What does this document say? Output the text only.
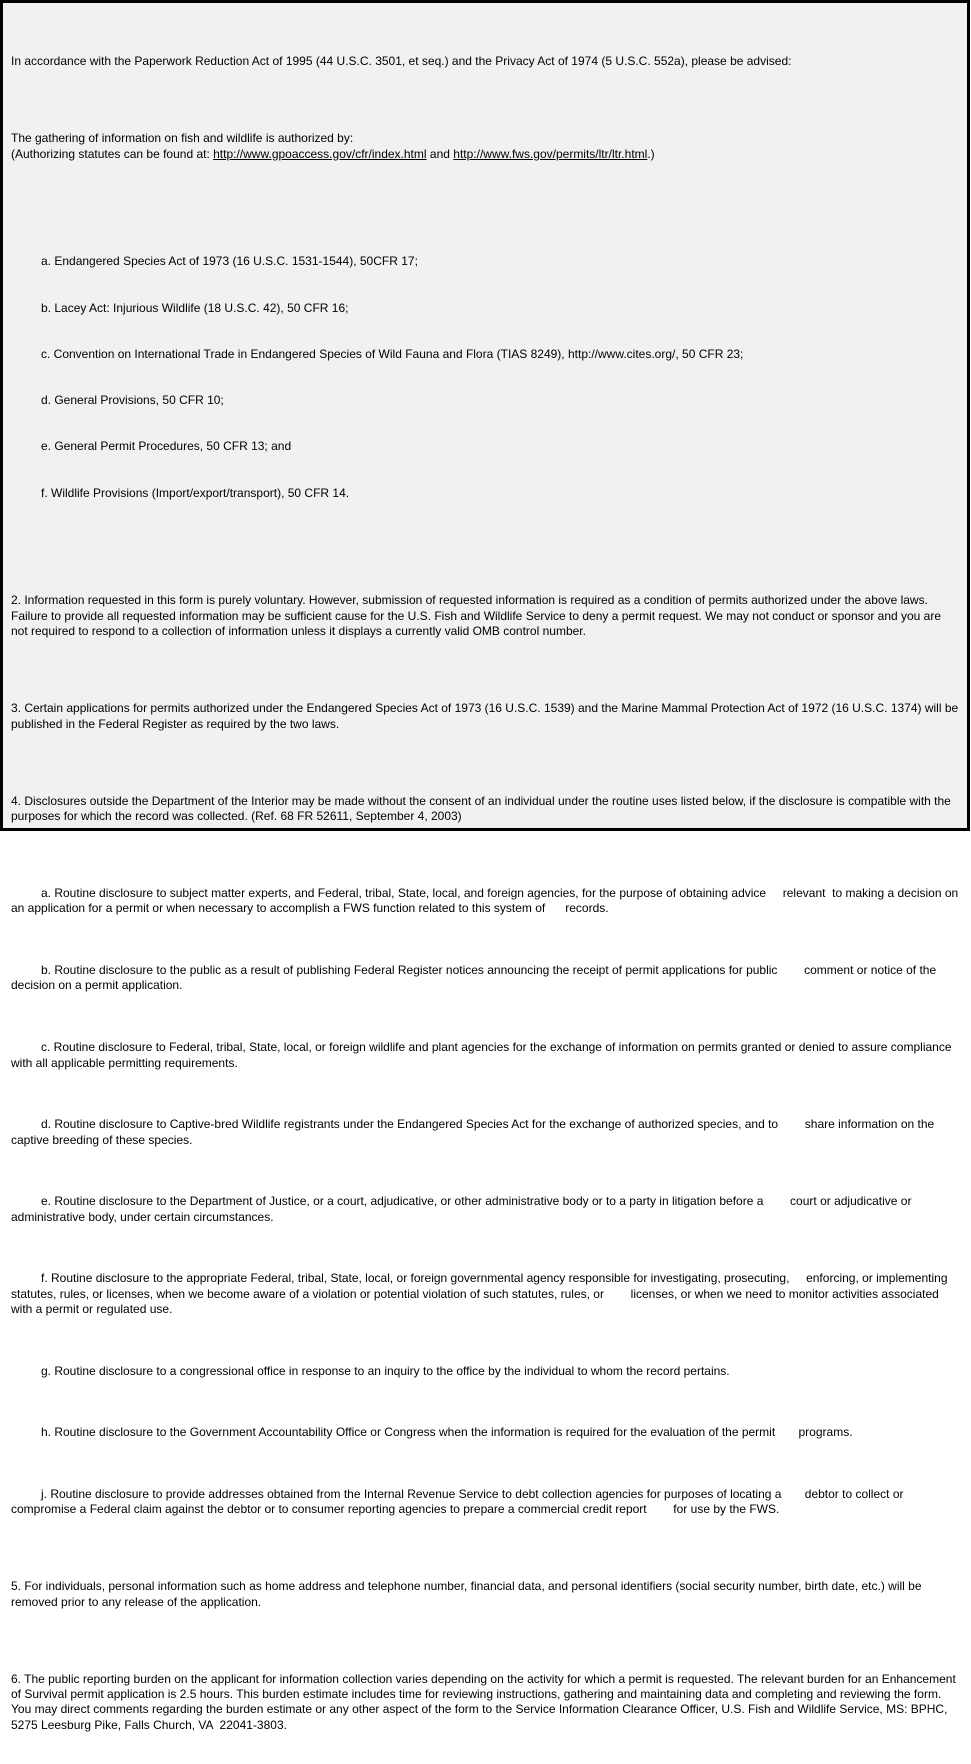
In accordance with the Paperwork Reduction Act of 1995 (44 U.S.C. 3501, et seq.) and the Privacy Act of 1974 (5 U.S.C. 552a), please be advised:

The gathering of information on fish and wildlife is authorized by:
(Authorizing statutes can be found at: http://www.gpoaccess.gov/cfr/index.html and http://www.fws.gov/permits/ltr/ltr.html.)

a. Endangered Species Act of 1973 (16 U.S.C. 1531-1544), 50CFR 17;

b. Lacey Act: Injurious Wildlife (18 U.S.C. 42), 50 CFR 16;

c. Convention on International Trade in Endangered Species of Wild Fauna and Flora (TIAS 8249), http://www.cites.org/, 50 CFR 23;

d. General Provisions, 50 CFR 10;

e. General Permit Procedures, 50 CFR 13; and

f. Wildlife Provisions (Import/export/transport), 50 CFR 14.

2. Information requested in this form is purely voluntary. However, submission of requested information is required as a condition of permits authorized under the above laws. Failure to provide all requested information may be sufficient cause for the U.S. Fish and Wildlife Service to deny a permit request. We may not conduct or sponsor and you are not required to respond to a collection of information unless it displays a currently valid OMB control number.

3. Certain applications for permits authorized under the Endangered Species Act of 1973 (16 U.S.C. 1539) and the Marine Mammal Protection Act of 1972 (16 U.S.C. 1374) will be published in the Federal Register as required by the two laws.

4. Disclosures outside the Department of the Interior may be made without the consent of an individual under the routine uses listed below, if the disclosure is compatible with the purposes for which the record was collected. (Ref. 68 FR 52611, September 4, 2003)

a. Routine disclosure to subject matter experts, and Federal, tribal, State, local, and foreign agencies, for the purpose of obtaining advice     relevant  to making a decision on an application for a permit or when necessary to accomplish a FWS function related to this system of      records.

b. Routine disclosure to the public as a result of publishing Federal Register notices announcing the receipt of permit applications for public        comment or notice of the decision on a permit application.

c. Routine disclosure to Federal, tribal, State, local, or foreign wildlife and plant agencies for the exchange of information on permits granted or denied to assure compliance with all applicable permitting requirements.

d. Routine disclosure to Captive-bred Wildlife registrants under the Endangered Species Act for the exchange of authorized species, and to        share information on the captive breeding of these species.

e. Routine disclosure to the Department of Justice, or a court, adjudicative, or other administrative body or to a party in litigation before a        court or adjudicative or administrative body, under certain circumstances.

f. Routine disclosure to the appropriate Federal, tribal, State, local, or foreign governmental agency responsible for investigating, prosecuting,     enforcing, or implementing statutes, rules, or licenses, when we become aware of a violation or potential violation of such statutes, rules, or        licenses, or when we need to monitor activities associated with a permit or regulated use.

g. Routine disclosure to a congressional office in response to an inquiry to the office by the individual to whom the record pertains.

h. Routine disclosure to the Government Accountability Office or Congress when the information is required for the evaluation of the permit       programs.

j. Routine disclosure to provide addresses obtained from the Internal Revenue Service to debt collection agencies for purposes of locating a       debtor to collect or compromise a Federal claim against the debtor or to consumer reporting agencies to prepare a commercial credit report        for use by the FWS.

5. For individuals, personal information such as home address and telephone number, financial data, and personal identifiers (social security number, birth date, etc.) will be removed prior to any release of the application.

6. The public reporting burden on the applicant for information collection varies depending on the activity for which a permit is requested. The relevant burden for an Enhancement of Survival permit application is 2.5 hours. This burden estimate includes time for reviewing instructions, gathering and maintaining data and completing and reviewing the form. You may direct comments regarding the burden estimate or any other aspect of the form to the Service Information Clearance Officer, U.S. Fish and Wildlife Service, MS: BPHC, 5275 Leesburg Pike, Falls Church, VA  22041-3803.
